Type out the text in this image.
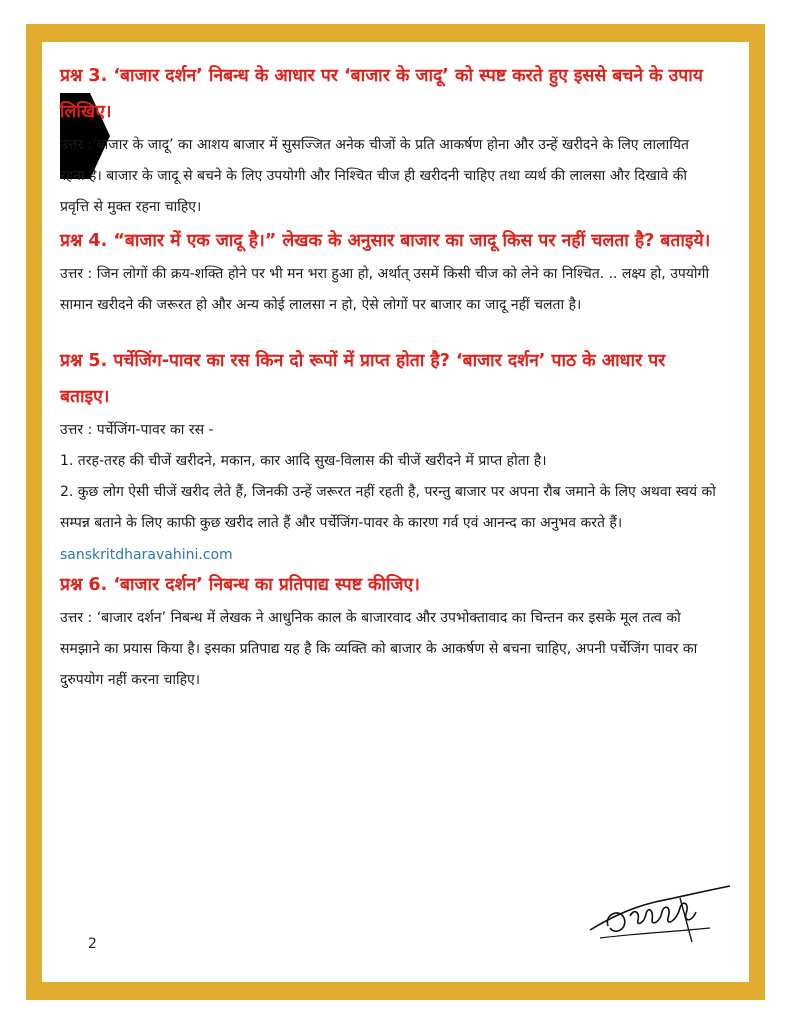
प्रश्न 3. ‘बाजार दर्शन’ निबन्ध के आधार पर ‘बाजार के जादू’ को स्पष्ट करते हुए इससे बचने के उपाय लिखिए।

उत्तर :‘बाजार के जादू’ का आशय बाजार में सुसज्जित अनेक चीजों के प्रति आकर्षण होना और उन्हें खरीदने के लिए लालायित रहना है। बाजार के जादू से बचने के लिए उपयोगी और निश्चित चीज ही खरीदनी चाहिए तथा व्यर्थ की लालसा और दिखावे की प्रवृत्ति से मुक्त रहना चाहिए।

प्रश्न 4. “बाजार में एक जादू है।” लेखक के अनुसार बाजार का जादू किस पर नहीं चलता है? बताइये।

उत्तर : जिन लोगों की क्रय-शक्ति होने पर भी मन भरा हुआ हो, अर्थात् उसमें किसी चीज को लेने का निश्चित. .. लक्ष्य हो, उपयोगी सामान खरीदने की जरूरत हो और अन्य कोई लालसा न हो, ऐसे लोगों पर बाजार का जादू नहीं चलता है।

प्रश्न 5. पर्चेजिंग-पावर का रस किन दो रूपों में प्राप्त होता है? ‘बाजार दर्शन’ पाठ के आधार पर बताइए।

उत्तर : पर्चेजिंग-पावर का रस -

1. तरह-तरह की चीजें खरीदने, मकान, कार आदि सुख-विलास की चीजें खरीदने में प्राप्त होता है।

2. कुछ लोग ऐसी चीजें खरीद लेते हैं, जिनकी उन्हें जरूरत नहीं रहती है, परन्तु बाजार पर अपना रौब जमाने के लिए अथवा स्वयं को सम्पन्न बताने के लिए काफी कुछ खरीद लाते हैं और पर्चेजिंग-पावर के कारण गर्व एवं आनन्द का अनुभव करते हैं।

sanskritdharavahini.com

प्रश्न 6. ‘बाजार दर्शन’ निबन्ध का प्रतिपाद्य स्पष्ट कीजिए।

उत्तर : ‘बाजार दर्शन’ निबन्ध में लेखक ने आधुनिक काल के बाजारवाद और उपभोक्तावाद का चिन्तन कर इसके मूल तत्व को समझाने का प्रयास किया है। इसका प्रतिपाद्य यह है कि व्यक्ति को बाजार के आकर्षण से बचना चाहिए, अपनी पर्चेजिंग पावर का दुरुपयोग नहीं करना चाहिए।

2
